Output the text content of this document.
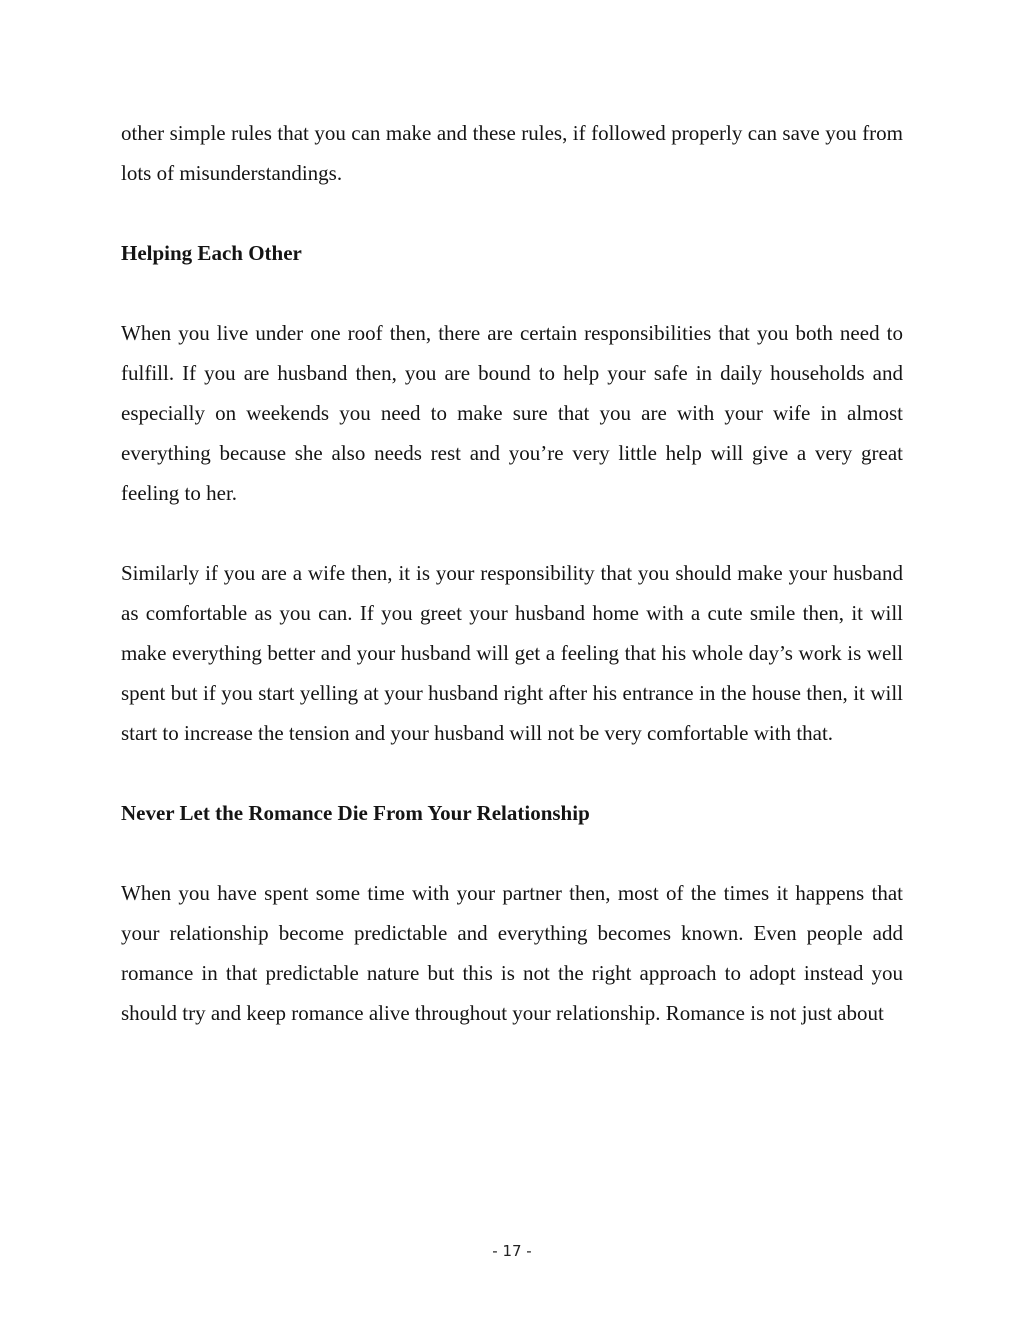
other simple rules that you can make and these rules, if followed properly can save you from lots of misunderstandings.

Helping Each Other

When you live under one roof then, there are certain responsibilities that you both need to fulfill. If you are husband then, you are bound to help your safe in daily households and especially on weekends you need to make sure that you are with your wife in almost everything because she also needs rest and you’re very little help will give a very great feeling to her.

Similarly if you are a wife then, it is your responsibility that you should make your husband as comfortable as you can. If you greet your husband home with a cute smile then, it will make everything better and your husband will get a feeling that his whole day’s work is well spent but if you start yelling at your husband right after his entrance in the house then, it will start to increase the tension and your husband will not be very comfortable with that.

Never Let the Romance Die From Your Relationship

When you have spent some time with your partner then, most of the times it happens that your relationship become predictable and everything becomes known. Even people add romance in that predictable nature but this is not the right approach to adopt instead you should try and keep romance alive throughout your relationship. Romance is not just about

- 17 -
